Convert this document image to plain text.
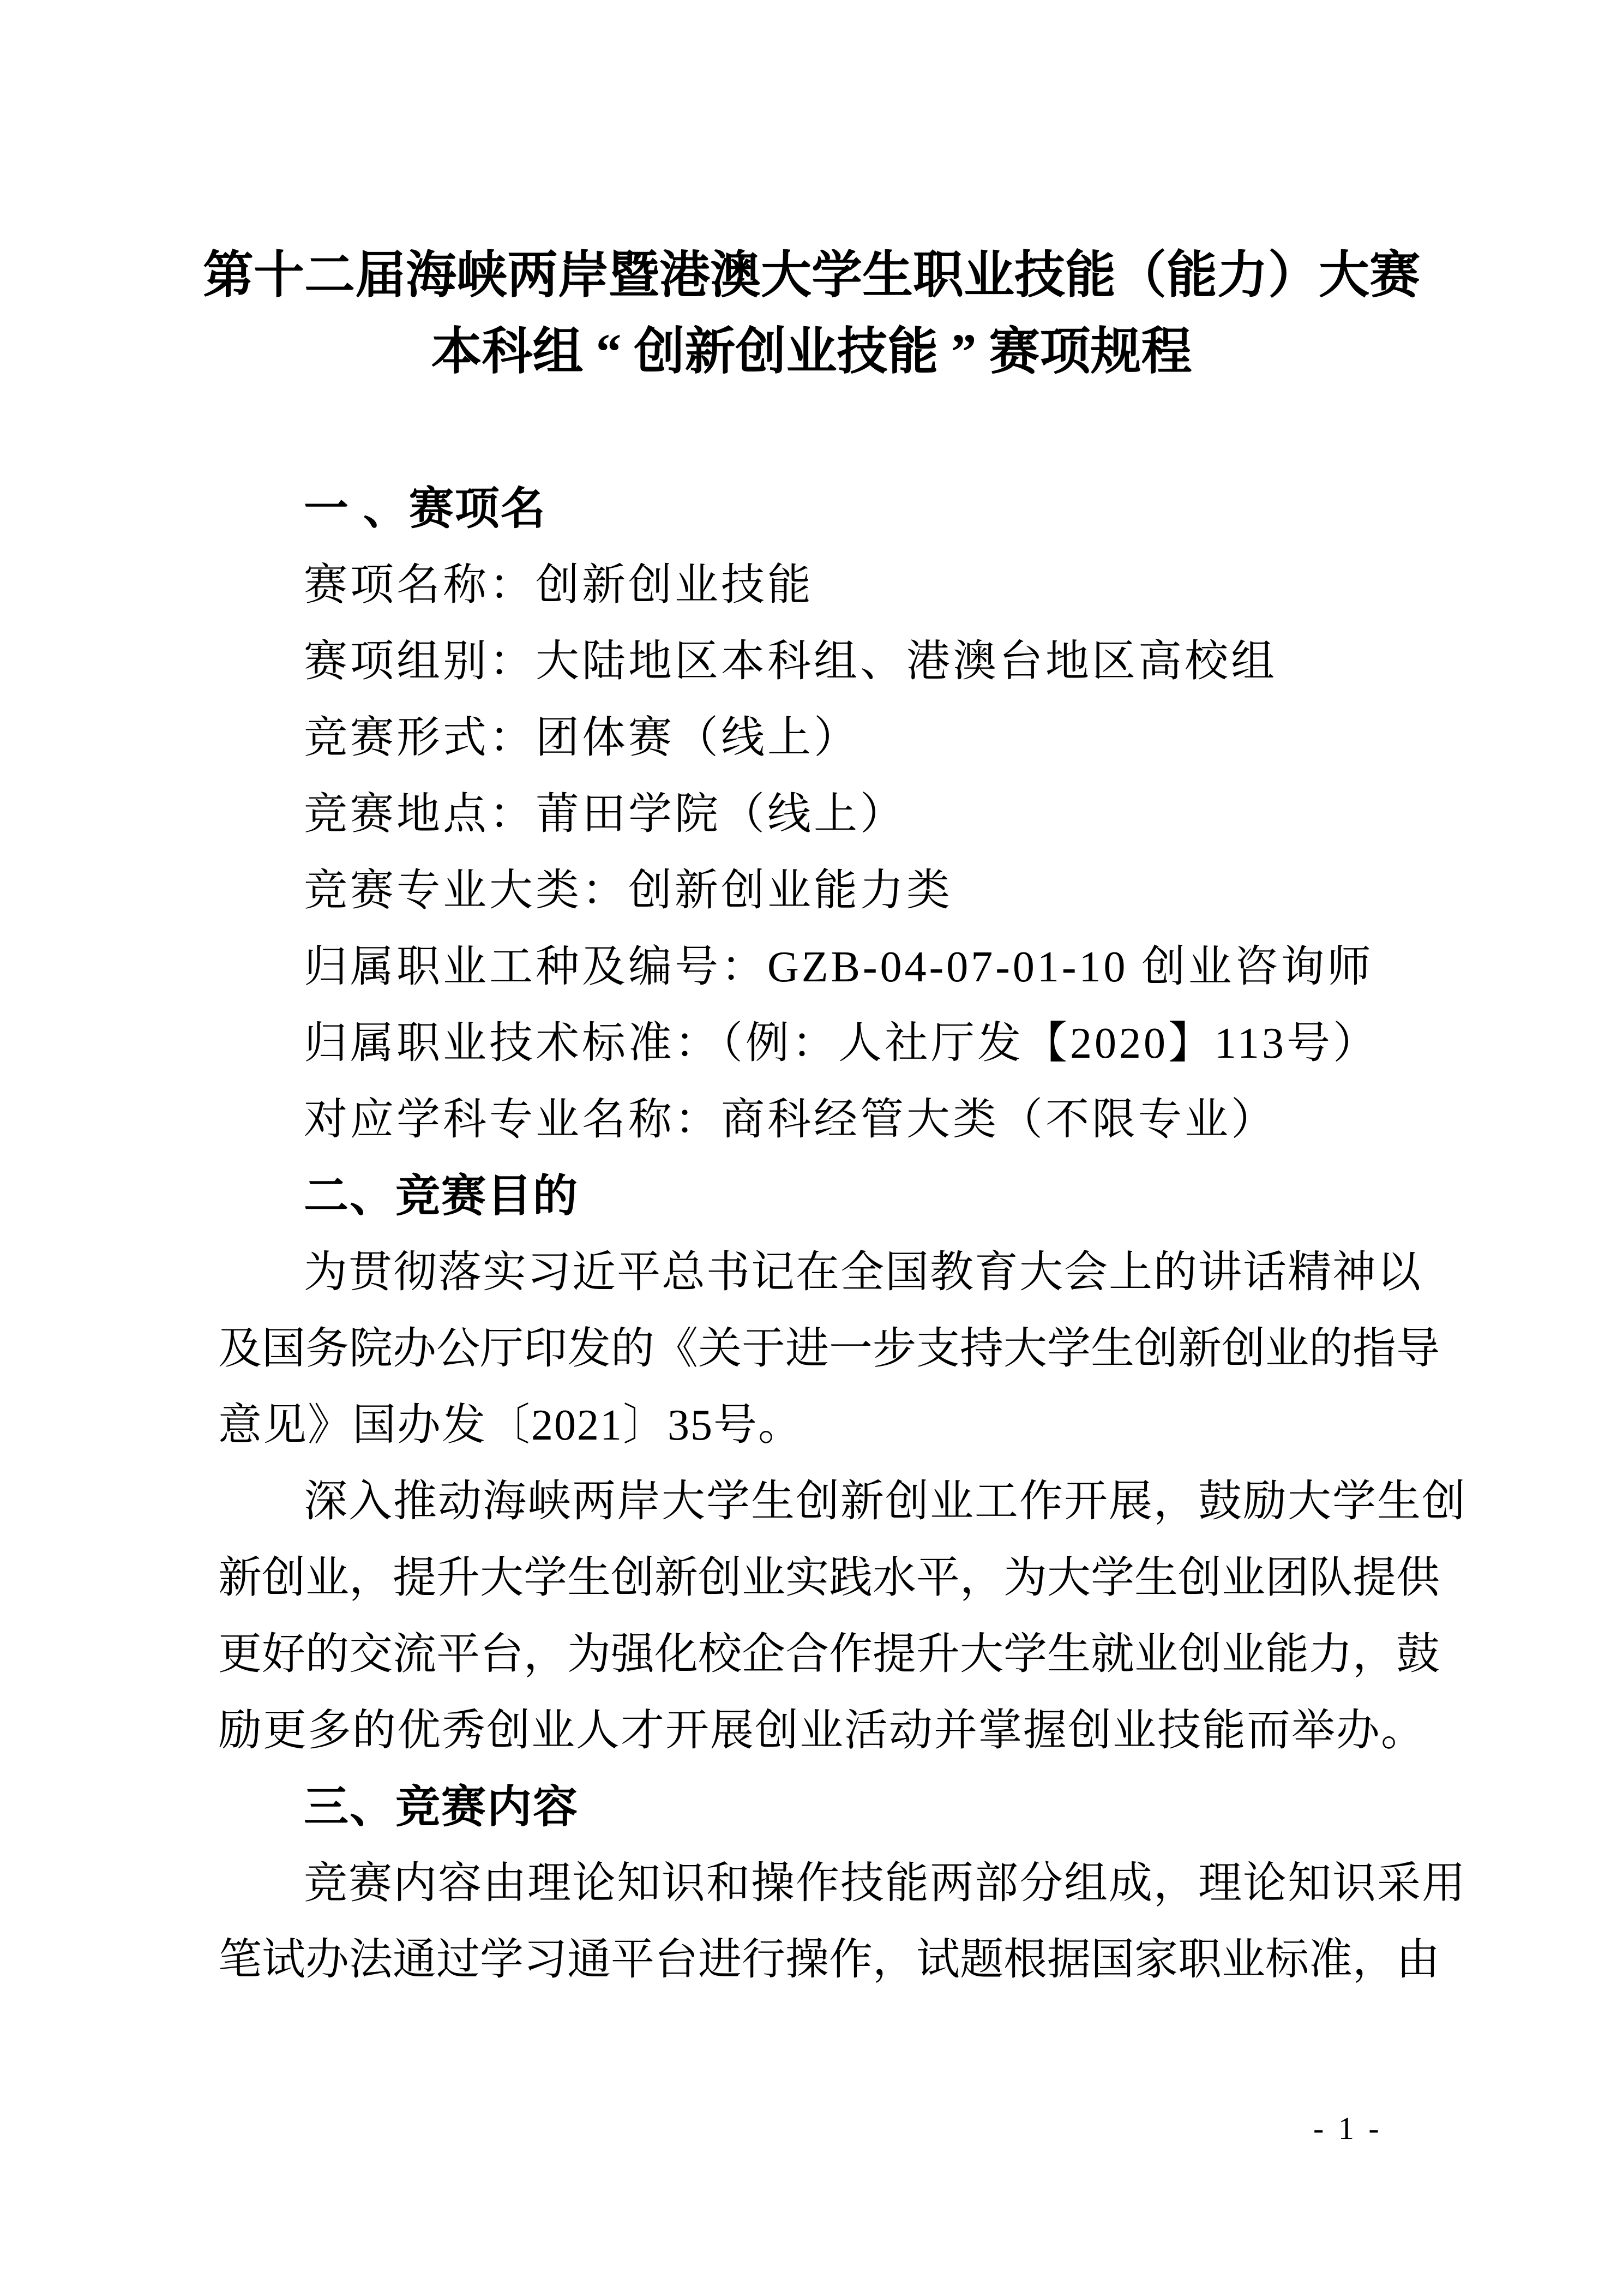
第十二届海峡两岸暨港澳大学生职业技能（能力）大赛
本科组 “ 创新创业技能 ” 赛项规程
一 、赛项名
赛项名称：创新创业技能
赛项组别：大陆地区本科组、港澳台地区高校组
竞赛形式：团体赛（线上）
竞赛地点：莆田学院（线上）
竞赛专业大类：创新创业能力类
归属职业工种及编号：GZB-04-07-01-10 创业咨询师
归属职业技术标准：（例：人社厅发【2020】113号）
对应学科专业名称：商科经管大类（不限专业）
二、竞赛目的
为贯彻落实习近平总书记在全国教育大会上的讲话精神以
及国务院办公厅印发的《关于进一步支持大学生创新创业的指导
意见》国办发〔2021〕35号。
深入推动海峡两岸大学生创新创业工作开展，鼓励大学生创
新创业，提升大学生创新创业实践水平，为大学生创业团队提供
更好的交流平台，为强化校企合作提升大学生就业创业能力，鼓
励更多的优秀创业人才开展创业活动并掌握创业技能而举办。
三、竞赛内容
竞赛内容由理论知识和操作技能两部分组成，理论知识采用
笔试办法通过学习通平台进行操作，试题根据国家职业标准，由
- 1 -
